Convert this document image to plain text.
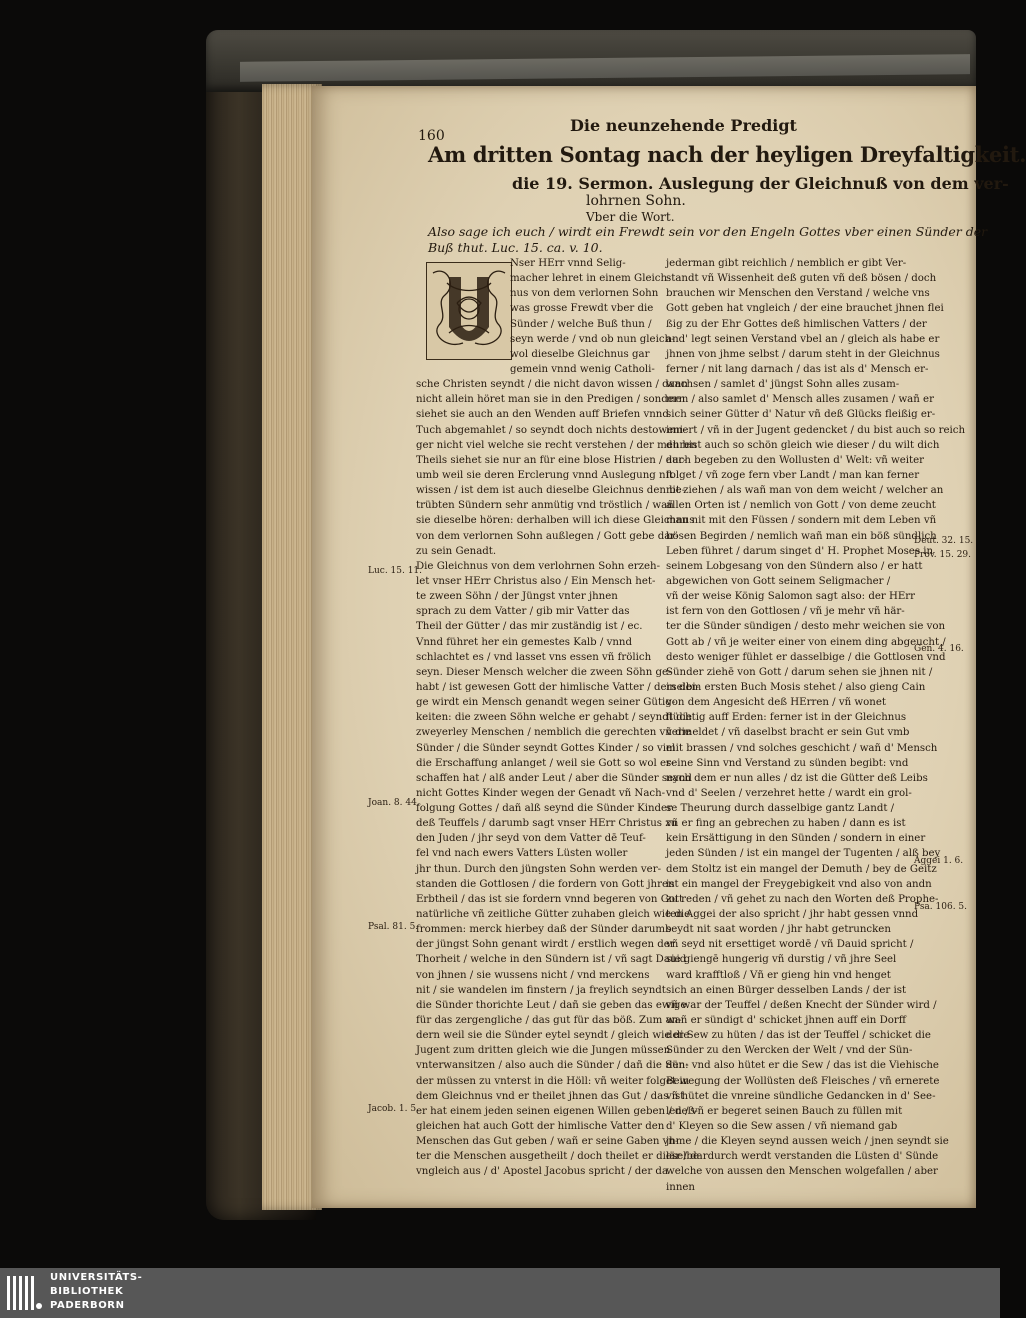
160
Die neunzehende Predigt
Am dritten Sontag nach der heyligen Dreyfaltigkeit.
die 19. Sermon. Auslegung der Gleichnuß von dem ver-
lohrnen Sohn.
Vber die Wort.
Also sage ich euch / wirdt ein Frewdt sein vor den Engeln Gottes vber einen Sünder der
Buß thut. Luc. 15. ca. v. 10.
Nser HErr vnnd Selig-
macher lehret in einem Gleich-
nus von dem verlornen Sohn
was grosse Frewdt vber die
Sünder / welche Buß thun /
seyn werde / vnd ob nun gleich-
wol dieselbe Gleichnus gar
gemein vnnd wenig Catholi-
sche Christen seyndt / die nicht davon wissen / dann
nicht allein höret man sie in den Predigen / sondern
siehet sie auch an den Wenden auff Briefen vnnd
Tuch abgemahlet / so seyndt doch nichts destoweni-
ger nicht viel welche sie recht verstehen / der mehren
Theils siehet sie nur an für eine blose Histrien / dar-
umb weil sie deren Erclerung vnnd Auslegung nit
wissen / ist dem ist auch dieselbe Gleichnus den be-
trübten Sündern sehr anmütig vnd tröstlich / wañ
sie dieselbe hören: derhalben will ich diese Gleichnus
von dem verlornen Sohn außlegen / Gott gebe dar-
zu sein Genadt.
Die Gleichnus von dem verlohrnen Sohn erzeh-
let vnser HErr Christus also / Ein Mensch het-
te zween Söhn / der Jüngst vnter jhnen
sprach zu dem Vatter / gib mir Vatter das
Theil der Gütter / das mir zuständig ist / ec.
Vnnd führet her ein gemestes Kalb / vnnd
schlachtet es / vnd lasset vns essen vñ frölich
seyn. Dieser Mensch welcher die zween Söhn ge-
habt / ist gewesen Gott der himlische Vatter / derselbi-
ge wirdt ein Mensch genandt wegen seiner Gütig-
keiten: die zween Söhn welche er gehabt / seyndt die
zweyerley Menschen / nemblich die gerechten vñ die
Sünder / die Sünder seyndt Gottes Kinder / so viel
die Erschaffung anlanget / weil sie Gott so wol er-
schaffen hat / alß ander Leut / aber die Sünder seynd
nicht Gottes Kinder wegen der Genadt vñ Nach-
folgung Gottes / dañ alß seynd die Sünder Kinder
deß Teuffels / darumb sagt vnser HErr Christus zu
den Juden / jhr seyd von dem Vatter dē Teuf-
fel vnd nach ewers Vatters Lüsten woller
jhr thun. Durch den jüngsten Sohn werden ver-
standen die Gottlosen / die fordern von Gott jhren
Erbtheil / das ist sie fordern vnnd begeren von Gott
natürliche vñ zeitliche Gütter zuhaben gleich wie die
frommen: merck hierbey daß der Sünder darumb
der jüngst Sohn genant wirdt / erstlich wegen der
Thorheit / welche in den Sündern ist / vñ sagt Dauid
von jhnen / sie wussens nicht / vnd merckens
nit / sie wandelen im finstern / ja freylich seyndt
die Sünder thorichte Leut / dañ sie geben das ewige
für das zergengliche / das gut für das böß. Zum an-
dern weil sie die Sünder eytel seyndt / gleich wie die
Jugent zum dritten gleich wie die Jungen müssen
vnterwansitzen / also auch die Sünder / dañ die Sün-
der müssen zu vnterst in die Höll: vñ weiter folget in
dem Gleichnus vnd er theilet jhnen das Gut / das ist
er hat einem jeden seinen eigenen Willen geben / deß-
gleichen hat auch Gott der himlische Vatter den
Menschen das Gut geben / wañ er seine Gaben vn-
ter die Menschen ausgetheilt / doch theilet er dieselbe
vngleich aus / d' Apostel Jacobus spricht / der da
jederman gibt reichlich / nemblich er gibt Ver-
standt vñ Wissenheit deß guten vñ deß bösen / doch
brauchen wir Menschen den Verstand / welche vns
Gott geben hat vngleich / der eine brauchet jhnen flei
ßig zu der Ehr Gottes deß himlischen Vatters / der
and' legt seinen Verstand vbel an / gleich als habe er
jhnen von jhme selbst / darum steht in der Gleichnus
ferner / nit lang darnach / das ist als d' Mensch er-
wachsen / samlet d' jüngst Sohn alles zusam-
men / also samlet d' Mensch alles zusamen / wañ er
sich seiner Gütter d' Natur vñ deß Glücks fleißig er-
innert / vñ in der Jugent gedencket / du bist auch so reich
du bist auch so schön gleich wie dieser / du wilt dich
auch begeben zu den Wollusten d' Welt: vñ weiter
folget / vñ zoge fern vber Landt / man kan ferner
nit ziehen / als wañ man von dem weicht / welcher an
allen Orten ist / nemlich von Gott / von deme zeucht
man nit mit den Füssen / sondern mit dem Leben vñ
bösen Begirden / nemlich wañ man ein böß sündlich
Leben führet / darum singet d' H. Prophet Moses in
seinem Lobgesang von den Sündern also / er hatt
abgewichen von Gott seinem Seligmacher /
vñ der weise König Salomon sagt also: der HErr
ist fern von den Gottlosen / vñ je mehr vñ här-
ter die Sünder sündigen / desto mehr weichen sie von
Gott ab / vñ je weiter einer von einem ding abgeucht /
desto weniger fühlet er dasselbige / die Gottlosen vnd
Sünder ziehē von Gott / darum sehen sie jhnen nit /
in dem ersten Buch Mosis stehet / also gieng Cain
von dem Angesicht deß HErren / vñ wonet
flüchtig auff Erden: ferner ist in der Gleichnus
vermeldet / vñ daselbst bracht er sein Gut vmb
mit brassen / vnd solches geschicht / wañ d' Mensch
seine Sinn vnd Verstand zu sünden begibt: vnd
nach dem er nun alles / dz ist die Gütter deß Leibs
vnd d' Seelen / verzehret hette / wardt ein grol-
se Theurung durch dasselbige gantz Landt /
vñ er fing an gebrechen zu haben / dann es ist
kein Ersättigung in den Sünden / sondern in einer
jeden Sünden / ist ein mangel der Tugenten / alß bey
dem Stoltz ist ein mangel der Demuth / bey de Geitz
ist ein mangel der Freygebigkeit vnd also von andn
zu reden / vñ gehet zu nach den Worten deß Prophe-
ten Aggei der also spricht / jhr habt gessen vnnd
seydt nit saat worden / jhr habt getruncken
vñ seyd nit ersettiget wordē / vñ Dauid spricht /
sie giengē hungerig vñ durstig / vñ jhre Seel
ward krafftloß / Vñ er gieng hin vnd henget
sich an einen Bürger desselben Lands / der ist
vñ war der Teuffel / deßen Knecht der Sünder wird /
wañ er sündigt d' schicket jhnen auff ein Dorff
der Sew zu hüten / das ist der Teuffel / schicket die
Sünder zu den Wercken der Welt / vnd der Sün-
den: vnd also hütet er die Sew / das ist die Viehische
Bewegung der Wollüsten deß Fleisches / vñ ernerete
vñ hütet die vnreine sündliche Gedancken in d' See-
len / vñ er begeret seinen Bauch zu füllen mit
d' Kleyen so die Sew assen / vñ niemand gab
jhme / die Kleyen seynd aussen weich / jnen seyndt sie
lär / dardurch werdt verstanden die Lüsten d' Sünde
welche von aussen den Menschen wolgefallen / aber
innen
Luc. 15. 11.
Joan. 8. 44.
Psal. 81. 5.
Jacob. 1. 5.
Deut. 32. 15.
Prov. 15. 29.
Gen. 4. 16.
Aggei 1. 6.
Psa. 106. 5.
UNIVERSITÄTS-
BIBLIOTHEK
PADERBORN
